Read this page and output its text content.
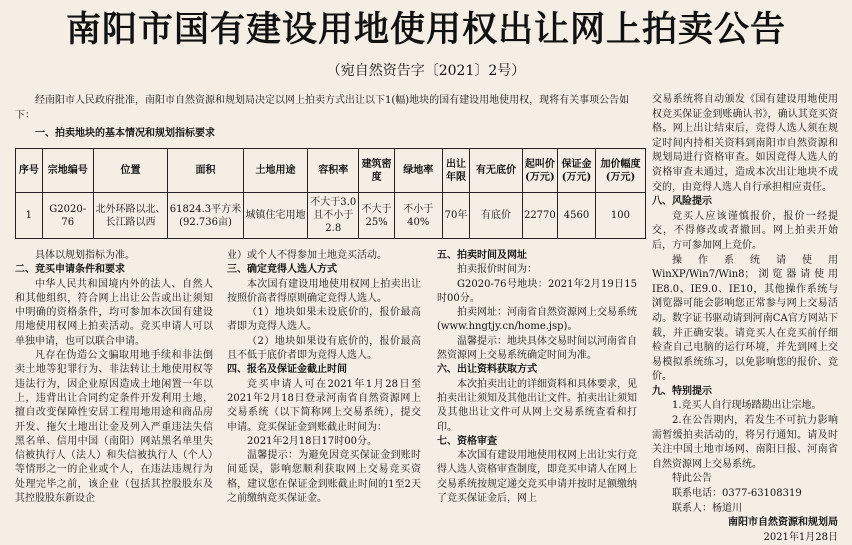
南阳市国有建设用地使用权出让网上拍卖公告
（宛自然资告字〔2021〕2号）
经南阳市人民政府批准，南阳市自然资源和规划局决定以网上拍卖方式出让以下1(幅)地块的国有建设用地使用权，现将有关事项公告如下：
一、拍卖地块的基本情况和规划指标要求
序号	宗地编号	位置	面积	土地用途	容积率	建筑密度	绿地率	出让年限	有无底价	起叫价(万元)	保证金(万元)	加价幅度(万元)
1	G2020-76	北外环路以北、长江路以西	61824.3平方米(92.736亩)	城镇住宅用地	不大于3.0且不小于2.8	不大于25%	不小于40%	70年	有底价	22770	4560	100

具体以规划指标为准。

二、竞买申请条件和要求

中华人民共和国境内外的法人、自然人和其他组织，符合网上出让公告或出让须知中明确的资格条件，均可参加本次国有建设用地使用权网上拍卖活动。竞买申请人可以单独申请，也可以联合申请。

凡存在伪造公文骗取用地手续和非法倒卖土地等犯罪行为、非法转让土地使用权等违法行为，因企业原因造成土地闲置一年以上，违背出让合同约定条件开发利用土地，擅自改变保障性安居工程用地用途和商品房开发、拖欠土地出让金及列入严重违法失信黑名单、信用中国（南阳）网站黑名单里失信被执行人（法人）和失信被执行人（个人）等情形之一的企业或个人，在违法违规行为处理完毕之前，该企业（包括其控股股东及其控股股东新设企

业）或个人不得参加土地竞买活动。

三、确定竞得人选人方式

本次国有建设用地使用权网上拍卖出让按照价高者得原则确定竞得人选人。

（1）地块如果未设底价的，报价最高者即为竞得人选人。

（2）地块如果设有底价的，报价最高且不低于底价者即为竞得人选人。

四、报名及保证金截止时间

竞买申请人可在2021年1月28日至2021年2月18日登录河南省自然资源网上交易系统（以下简称网上交易系统），提交申请。竞买保证金到账截止时间为：

2021年2月18日17时00分。

温馨提示：为避免因竞买保证金到账时间延误，影响您顺利获取网上交易竞买资格，建议您在保证金到账截止时间的1至2天之前缴纳竞买保证金。

五、拍卖时间及网址

拍卖报价时间为：

G2020-76号地块：2021年2月19日15时00分。

拍卖网址：河南省自然资源网上交易系统(www.hngtjy.cn/home.jsp)。

温馨提示：地块具体交易时间以河南省自然资源网上交易系统确定时间为准。

六、出让资料获取方式

本次拍卖出让的详细资料和具体要求，见拍卖出让须知及其他出让文件。拍卖出让须知及其他出让文件可从网上交易系统查看和打印。

七、资格审查

本次国有建设用地使用权网上出让实行竞得人选人资格审查制度，即竞买申请人在网上交易系统按规定递交竞买申请并按时足额缴纳了竞买保证金后，网上

交易系统将自动颁发《国有建设用地使用权竞买保证金到账确认书》，确认其竞买资格。网上出让结束后，竞得人选人须在规定时间内持相关资料到南阳市自然资源和规划局进行资格审查。如因竞得人选人的资格审查未通过，造成本次出让地块不成交的，由竞得人选人自行承担相应责任。

八、风险提示

竞买人应该谨慎报价，报价一经提交，不得修改或者撤回。网上拍卖开始后，方可参加网上竞价。

操作系统请使用WinXP/Win7/Win8；浏览器请使用IE8.0、IE9.0、IE10，其他操作系统与浏览器可能会影响您正常参与网上交易活动。数字证书驱动请到河南CA官方网站下载，并正确安装。请竞买人在竞买前仔细检查自己电脑的运行环境，并先到网上交易模拟系统练习，以免影响您的报价、竞价。

九、特别提示

1.竞买人自行现场踏勘出让宗地。

2.在公告期内，若发生不可抗力影响需暂缓拍卖活动的，将另行通知。请及时关注中国土地市场网、南阳日报、河南省自然资源网上交易系统。

特此公告

联系电话：0377-63108319

联系人：杨道川

南阳市自然资源和规划局

2021年1月28日
